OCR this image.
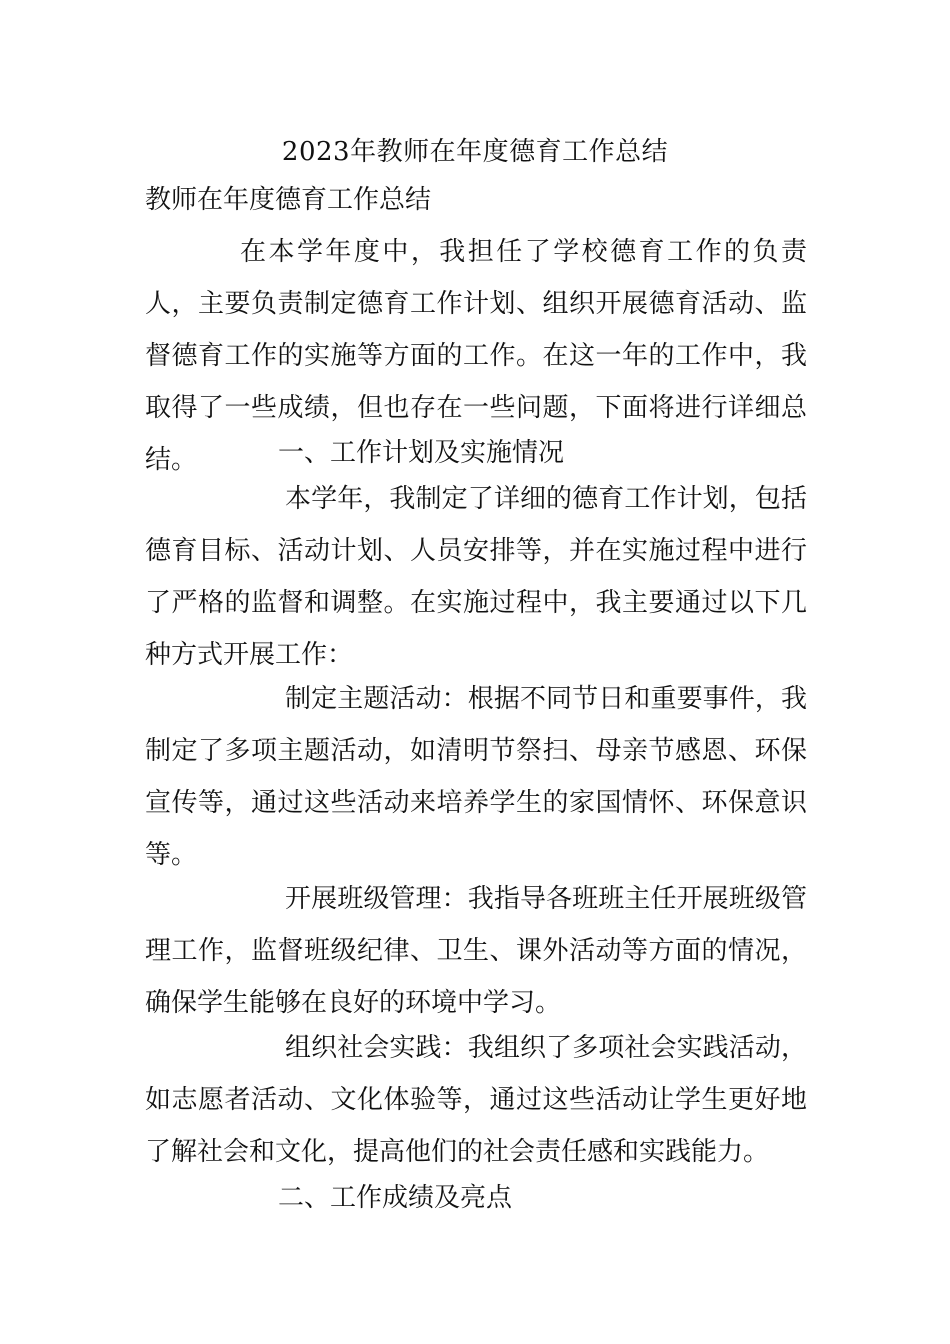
2023年教师在年度德育工作总结

教师在年度德育工作总结

在本学年度中，我担任了学校德育工作的负责人，主要负责制定德育工作计划、组织开展德育活动、监督德育工作的实施等方面的工作。在这一年的工作中，我取得了一些成绩，但也存在一些问题，下面将进行详细总结。	一、工作计划及实施情况

本学年，我制定了详细的德育工作计划，包括德育目标、活动计划、人员安排等，并在实施过程中进行了严格的监督和调整。在实施过程中，我主要通过以下几种方式开展工作：

制定主题活动：根据不同节日和重要事件，我制定了多项主题活动，如清明节祭扫、母亲节感恩、环保宣传等，通过这些活动来培养学生的家国情怀、环保意识等。

开展班级管理：我指导各班班主任开展班级管理工作，监督班级纪律、卫生、课外活动等方面的情况，确保学生能够在良好的环境中学习。

组织社会实践：我组织了多项社会实践活动，如志愿者活动、文化体验等，通过这些活动让学生更好地了解社会和文化，提高他们的社会责任感和实践能力。

二、工作成绩及亮点
